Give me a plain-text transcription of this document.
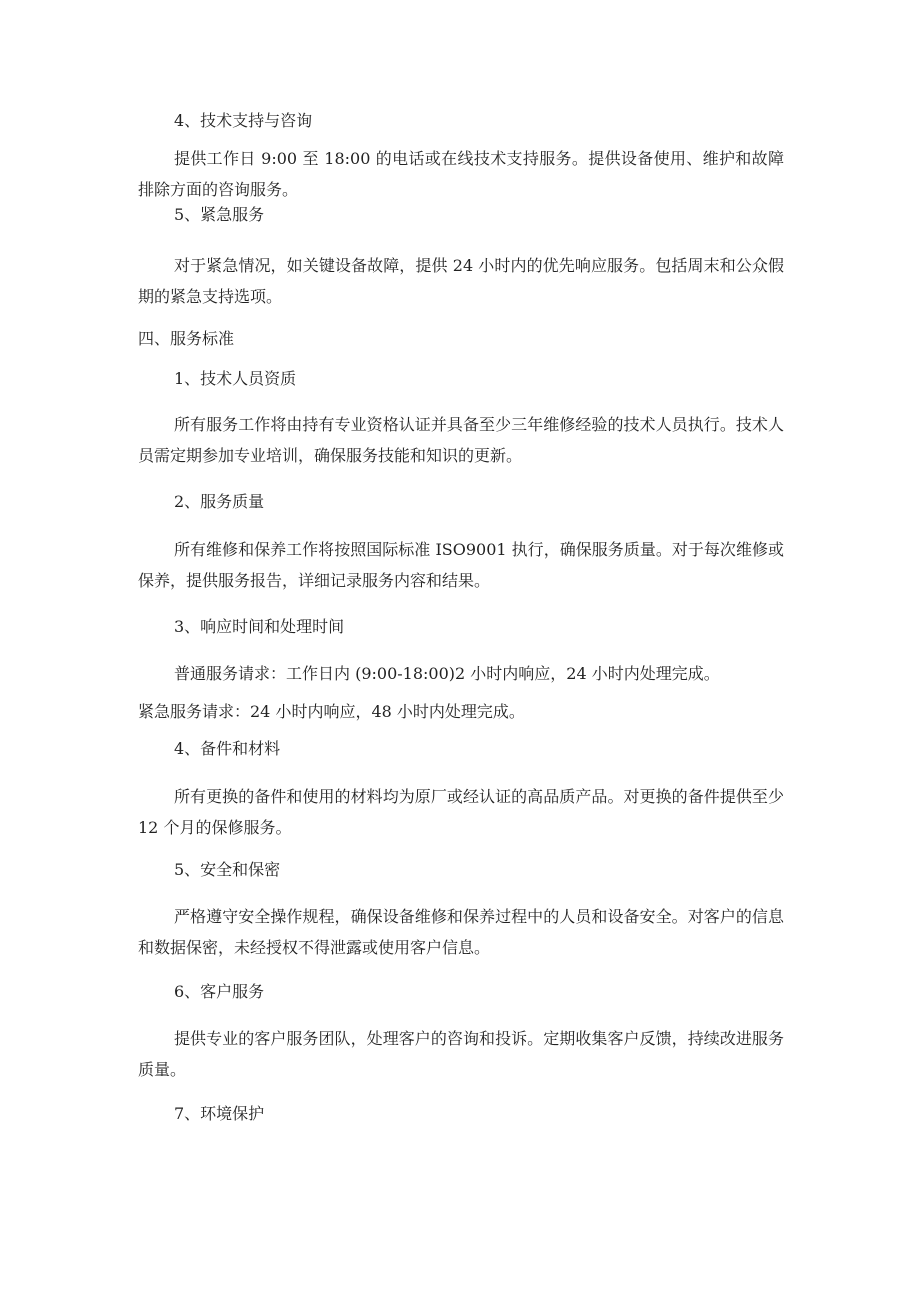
4、技术支持与咨询

提供工作日 9:00 至 18:00 的电话或在线技术支持服务。提供设备使用、维护和故障排除方面的咨询服务。

5、紧急服务

对于紧急情况，如关键设备故障，提供 24 小时内的优先响应服务。包括周末和公众假期的紧急支持选项。

四、服务标准
1、技术人员资质

所有服务工作将由持有专业资格认证并具备至少三年维修经验的技术人员执行。技术人员需定期参加专业培训，确保服务技能和知识的更新。

2、服务质量

所有维修和保养工作将按照国际标准 ISO9001 执行，确保服务质量。对于每次维修或保养，提供服务报告，详细记录服务内容和结果。

3、响应时间和处理时间
普通服务请求：工作日内 (9:00-18:00)2 小时内响应，24 小时内处理完成。
紧急服务请求：24 小时内响应，48 小时内处理完成。
4、备件和材料

所有更换的备件和使用的材料均为原厂或经认证的高品质产品。对更换的备件提供至少 12 个月的保修服务。

5、安全和保密

严格遵守安全操作规程，确保设备维修和保养过程中的人员和设备安全。对客户的信息和数据保密，未经授权不得泄露或使用客户信息。

6、客户服务

提供专业的客户服务团队，处理客户的咨询和投诉。定期收集客户反馈，持续改进服务质量。

7、环境保护
